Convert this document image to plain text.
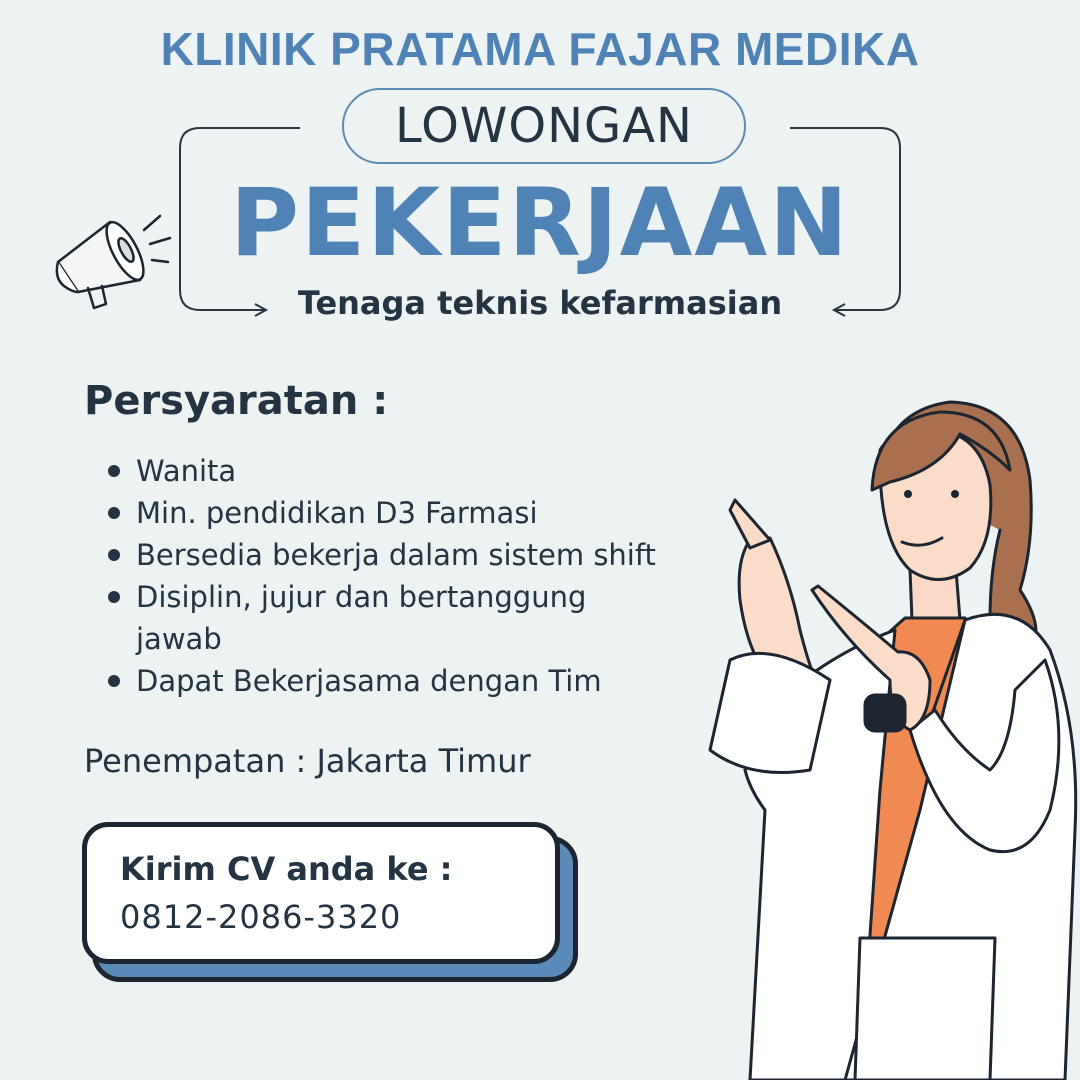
KLINIK PRATAMA FAJAR MEDIKA
LOWONGAN
PEKERJAAN
Tenaga teknis kefarmasian
Persyaratan :
Wanita
Min. pendidikan D3 Farmasi
Bersedia bekerja dalam sistem shift
Disiplin, jujur dan bertanggung jawab
Dapat Bekerjasama dengan Tim
Penempatan : Jakarta Timur
Kirim CV anda ke :
0812-2086-3320
